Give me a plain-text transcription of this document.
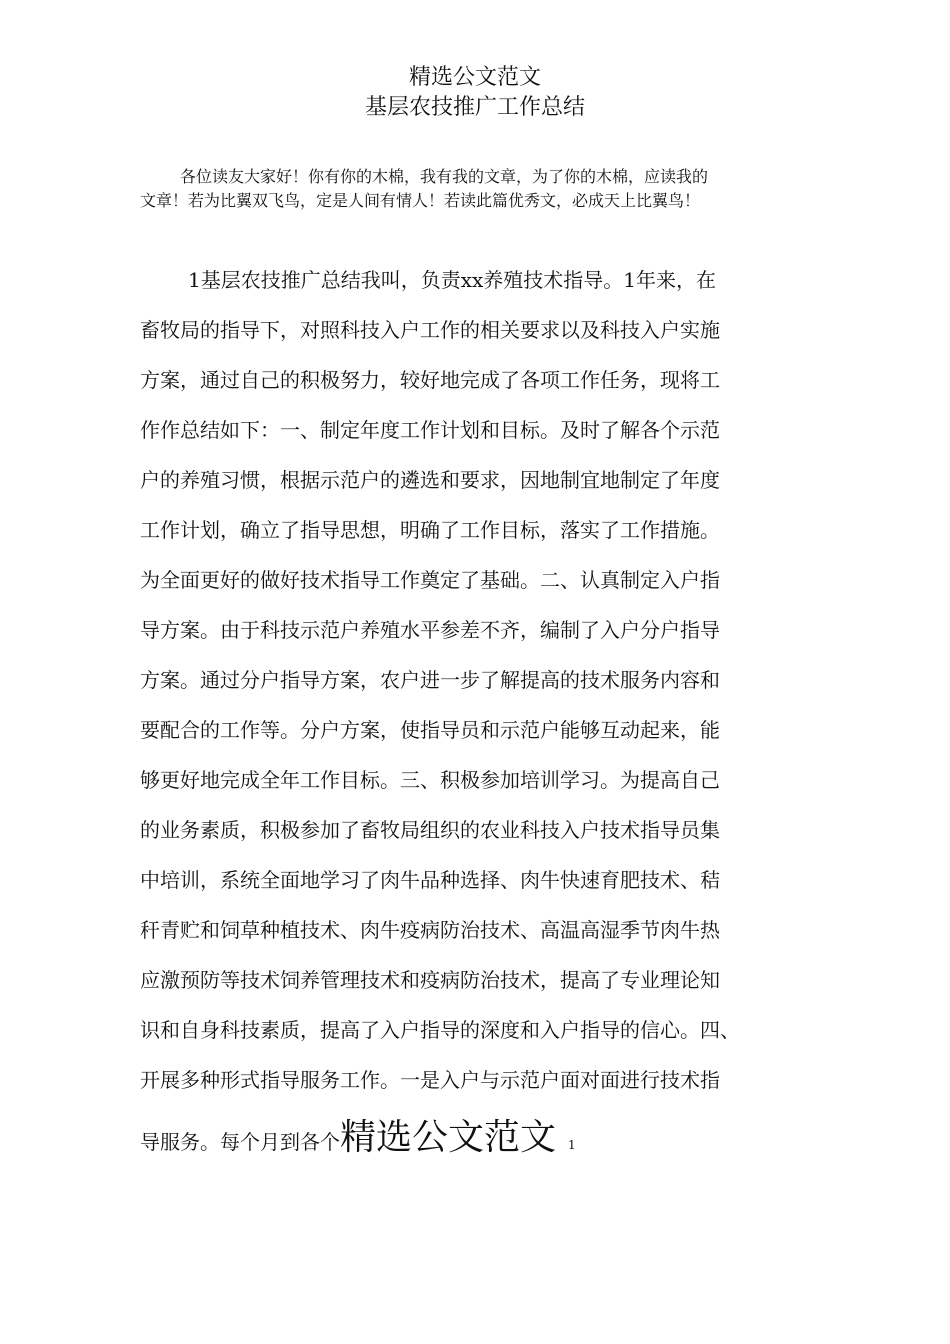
精选公文范文
基层农技推广工作总结
各位读友大家好！你有你的木棉，我有我的文章，为了你的木棉，应读我的
文章！若为比翼双飞鸟，定是人间有情人！若读此篇优秀文，必成天上比翼鸟！
1基层农技推广总结我叫，负责xx养殖技术指导。1年来，在
畜牧局的指导下，对照科技入户工作的相关要求以及科技入户实施
方案，通过自己的积极努力，较好地完成了各项工作任务，现将工
作作总结如下：一、制定年度工作计划和目标。及时了解各个示范
户的养殖习惯，根据示范户的遴选和要求，因地制宜地制定了年度
工作计划，确立了指导思想，明确了工作目标，落实了工作措施。
为全面更好的做好技术指导工作奠定了基础。二、认真制定入户指
导方案。由于科技示范户养殖水平参差不齐，编制了入户分户指导
方案。通过分户指导方案，农户进一步了解提高的技术服务内容和
要配合的工作等。分户方案，使指导员和示范户能够互动起来，能
够更好地完成全年工作目标。三、积极参加培训学习。为提高自己
的业务素质，积极参加了畜牧局组织的农业科技入户技术指导员集
中培训，系统全面地学习了肉牛品种选择、肉牛快速育肥技术、秸
秆青贮和饲草种植技术、肉牛疫病防治技术、高温高湿季节肉牛热
应激预防等技术饲养管理技术和疫病防治技术，提高了专业理论知
识和自身科技素质，提高了入户指导的深度和入户指导的信心。四、
开展多种形式指导服务工作。一是入户与示范户面对面进行技术指
导服务。每个月到各个精选公文范文 1
